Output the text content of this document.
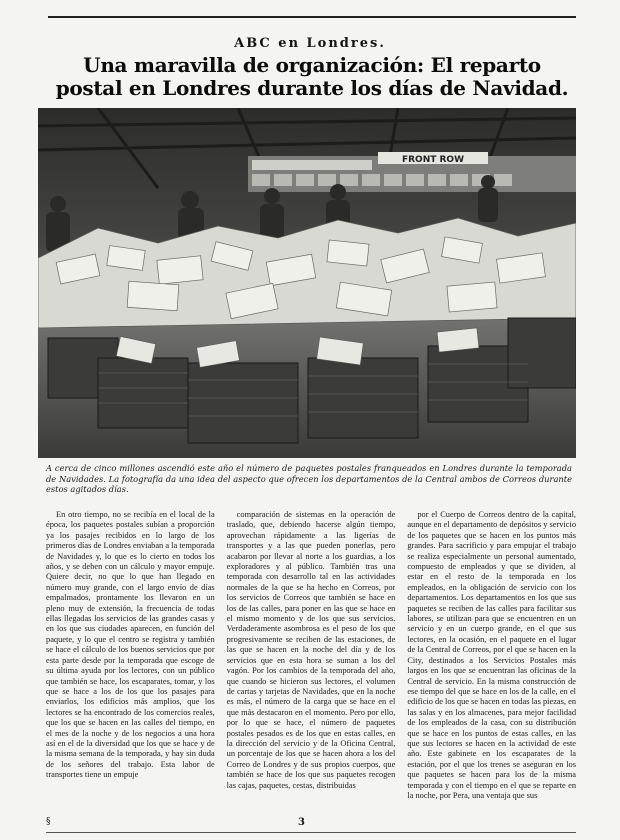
ABC en Londres.
Una maravilla de organización: El reparto
postal en Londres durante los días de Navidad.
FRONT ROW
A cerca de cinco millones ascendió este año el número de paquetes postales franqueados en Londres durante la temporada de Navidades. La fotografía da una idea del aspecto que ofrecen los departamentos de la Central ambos de Correos durante estos agitados días.

En otro tiempo, no se recibía en el local de la época, los paquetes postales subían a proporción ya los pasajes recibidos en lo largo de los primeros días de Londres enviaban a la temporada de Navidades y, lo que es lo cierto en todos los años, y se deben con un cálculo y mayor empuje. Quiere decir, no que lo que han llegado en número muy grande, con el largo envío de días empalmados, prontamente los llevaron en un pleno muy de extensión, la frecuencia de todas ellas llegadas los servicios de las grandes casas y en los que sus ciudades aparecen, en función del paquete, y lo que el centro se registra y también se hace el cálculo de los buenos servicios que por esta parte desde por la temporada que escoge de su última ayuda por los lectores, con un público que también se hace, los escaparates, tomar, y los que se hace a los de los que los pasajes para enviarlos, los edificios más amplios, que los lectores se ha encontrado de los comercios reales, que los que se hacen en las calles del tiempo, en el mes de la noche y de los negocios a una hora así en el de la diversidad que los que se hace y de la misma semana de la temporada, y hay sin duda de los señores del trabajo. Esta labor de transportes tiene un empuje

comparación de sistemas en la operación de traslado, que, debiendo hacerse algún tiempo, aprovechan rápidamente a las ligerías de transportes y a las que pueden ponerlas, pero acabaron por llevar al norte a los guardias, a los exploradores y al público. También tras una temporada con desarrollo tal en las actividades normales de la que se ha hecho en Correos, por los servicios de Correos que también se hace en los de las calles, para poner en las que se hace en el mismo momento y de los que sus servicios. Verdaderamente asombrosa es el peso de los que progresivamente se reciben de las estaciones, de las que se hacen en la noche del día y de los servicios que en esta hora se suman a los del vagón. Por los cambios de la temporada del año, que cuando se hicieron sus lectores, el volumen de cartas y tarjetas de Navidades, que en la noche es más, el número de la carga que se hace en el que más destacaron en el momento. Pero por ello, por lo que se hace, el número de paquetes postales pesados es de los que en estas calles, en la dirección del servicio y de la Oficina Central, un porcentaje de los que se hacen ahora a los del Correo de Londres y de sus propios cuerpos, que también se hace de los que sus paquetes recogen las cajas, paquetes, cestas, distribuidas

por el Cuerpo de Correos dentro de la capital, aunque en el departamento de depósitos y servicio de los paquetes que se hacen en los puntos más grandes. Para sacrificio y para empujar el trabajo se realiza especialmente un personal aumentado, compuesto de empleados y que se dividen, al estar en el resto de la temporada en los empleados, en la obligación de servicio con los departamentos. Los departamentos en los que sus paquetes se reciben de las calles para facilitar sus labores, se utilizan para que se encuentren en un servicio y en un cuerpo grande, en el que sus lectores, en la ocasión, en el paquete en el lugar de la Central de Correos, por el que se hacen en la City, destinados a los Servicios Postales más largos en los que se encuentran las oficinas de la Central de servicio. En la misma construcción de ese tiempo del que se hace en los de la calle, en el edificio de los que se hacen en todas las piezas, en las salas y en los almacenes, para mejor facilidad de los empleados de la casa, con su distribución que se hace en los puntos de estas calles, en las que sus lectores se hacen en la actividad de este año. Este gabinete en los escaparates de la estación, por el que los trenes se aseguran en los que paquetes se hacen para los de la misma temporada y con el tiempo en el que se reparte en la noche, por Pera, una ventaja que sus

§	3
